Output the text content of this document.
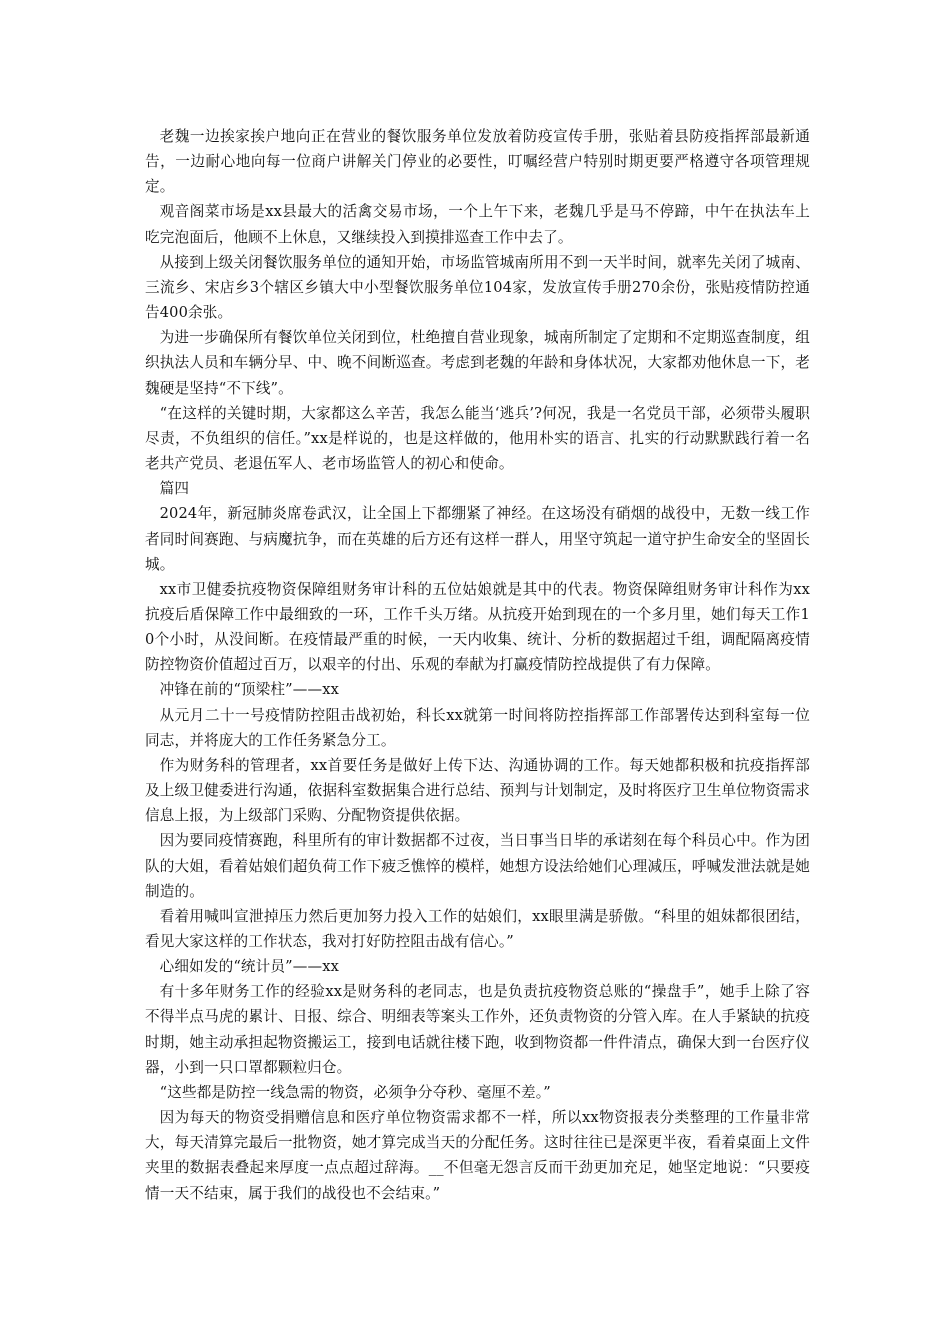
老魏一边挨家挨户地向正在营业的餐饮服务单位发放着防疫宣传手册，张贴着县防疫指挥部最新通告，一边耐心地向每一位商户讲解关门停业的必要性，叮嘱经营户特别时期更要严格遵守各项管理规定。

观音阁菜市场是xx县最大的活禽交易市场，一个上午下来，老魏几乎是马不停蹄，中午在执法车上吃完泡面后，他顾不上休息，又继续投入到摸排巡查工作中去了。

从接到上级关闭餐饮服务单位的通知开始，市场监管城南所用不到一天半时间，就率先关闭了城南、三流乡、宋店乡3个辖区乡镇大中小型餐饮服务单位104家，发放宣传手册270余份，张贴疫情防控通告400余张。

为进一步确保所有餐饮单位关闭到位，杜绝擅自营业现象，城南所制定了定期和不定期巡查制度，组织执法人员和车辆分早、中、晚不间断巡查。考虑到老魏的年龄和身体状况，大家都劝他休息一下，老魏硬是坚持“不下线”。

“在这样的关键时期，大家都这么辛苦，我怎么能当‘逃兵’?何况，我是一名党员干部，必须带头履职尽责，不负组织的信任。”xx是样说的，也是这样做的，他用朴实的语言、扎实的行动默默践行着一名老共产党员、老退伍军人、老市场监管人的初心和使命。

篇四

2024年，新冠肺炎席卷武汉，让全国上下都绷紧了神经。在这场没有硝烟的战役中，无数一线工作者同时间赛跑、与病魔抗争，而在英雄的后方还有这样一群人，用坚守筑起一道守护生命安全的坚固长城。

xx市卫健委抗疫物资保障组财务审计科的五位姑娘就是其中的代表。物资保障组财务审计科作为xx抗疫后盾保障工作中最细致的一环，工作千头万绪。从抗疫开始到现在的一个多月里，她们每天工作10个小时，从没间断。在疫情最严重的时候，一天内收集、统计、分析的数据超过千组，调配隔离疫情防控物资价值超过百万，以艰辛的付出、乐观的奉献为打赢疫情防控战提供了有力保障。

冲锋在前的“顶梁柱”——xx

从元月二十一号疫情防控阻击战初始，科长xx就第一时间将防控指挥部工作部署传达到科室每一位同志，并将庞大的工作任务紧急分工。

作为财务科的管理者，xx首要任务是做好上传下达、沟通协调的工作。每天她都积极和抗疫指挥部及上级卫健委进行沟通，依据科室数据集合进行总结、预判与计划制定，及时将医疗卫生单位物资需求信息上报，为上级部门采购、分配物资提供依据。

因为要同疫情赛跑，科里所有的审计数据都不过夜，当日事当日毕的承诺刻在每个科员心中。作为团队的大姐，看着姑娘们超负荷工作下疲乏憔悴的模样，她想方设法给她们心理减压，呼喊发泄法就是她制造的。

看着用喊叫宣泄掉压力然后更加努力投入工作的姑娘们，xx眼里满是骄傲。“科里的姐妹都很团结，看见大家这样的工作状态，我对打好防控阻击战有信心。”

心细如发的“统计员”——xx

有十多年财务工作的经验xx是财务科的老同志，也是负责抗疫物资总账的“操盘手”，她手上除了容不得半点马虎的累计、日报、综合、明细表等案头工作外，还负责物资的分管入库。在人手紧缺的抗疫时期，她主动承担起物资搬运工，接到电话就往楼下跑，收到物资都一件件清点，确保大到一台医疗仪器，小到一只口罩都颗粒归仓。

“这些都是防控一线急需的物资，必须争分夺秒、毫厘不差。”

因为每天的物资受捐赠信息和医疗单位物资需求都不一样，所以xx物资报表分类整理的工作量非常大，每天清算完最后一批物资，她才算完成当天的分配任务。这时往往已是深更半夜，看着桌面上文件夹里的数据表叠起来厚度一点点超过辞海。__不但毫无怨言反而干劲更加充足，她坚定地说：“只要疫情一天不结束，属于我们的战役也不会结束。”
